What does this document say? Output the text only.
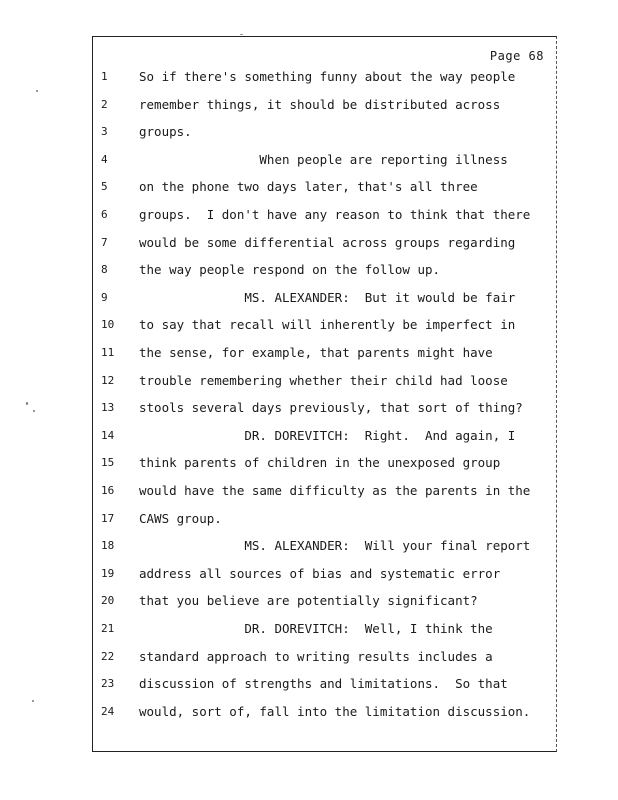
Page 68
1	So if there's something funny about the way people
2	remember things, it should be distributed across
3	groups.
4	When people are reporting illness
5	on the phone two days later, that's all three
6	groups.  I don't have any reason to think that there
7	would be some differential across groups regarding
8	the way people respond on the follow up.
9	MS. ALEXANDER:  But it would be fair
10	to say that recall will inherently be imperfect in
11	the sense, for example, that parents might have
12	trouble remembering whether their child had loose
13	stools several days previously, that sort of thing?
14	DR. DOREVITCH:  Right.  And again, I
15	think parents of children in the unexposed group
16	would have the same difficulty as the parents in the
17	CAWS group.
18	MS. ALEXANDER:  Will your final report
19	address all sources of bias and systematic error
20	that you believe are potentially significant?
21	DR. DOREVITCH:  Well, I think the
22	standard approach to writing results includes a
23	discussion of strengths and limitations.  So that
24	would, sort of, fall into the limitation discussion.
